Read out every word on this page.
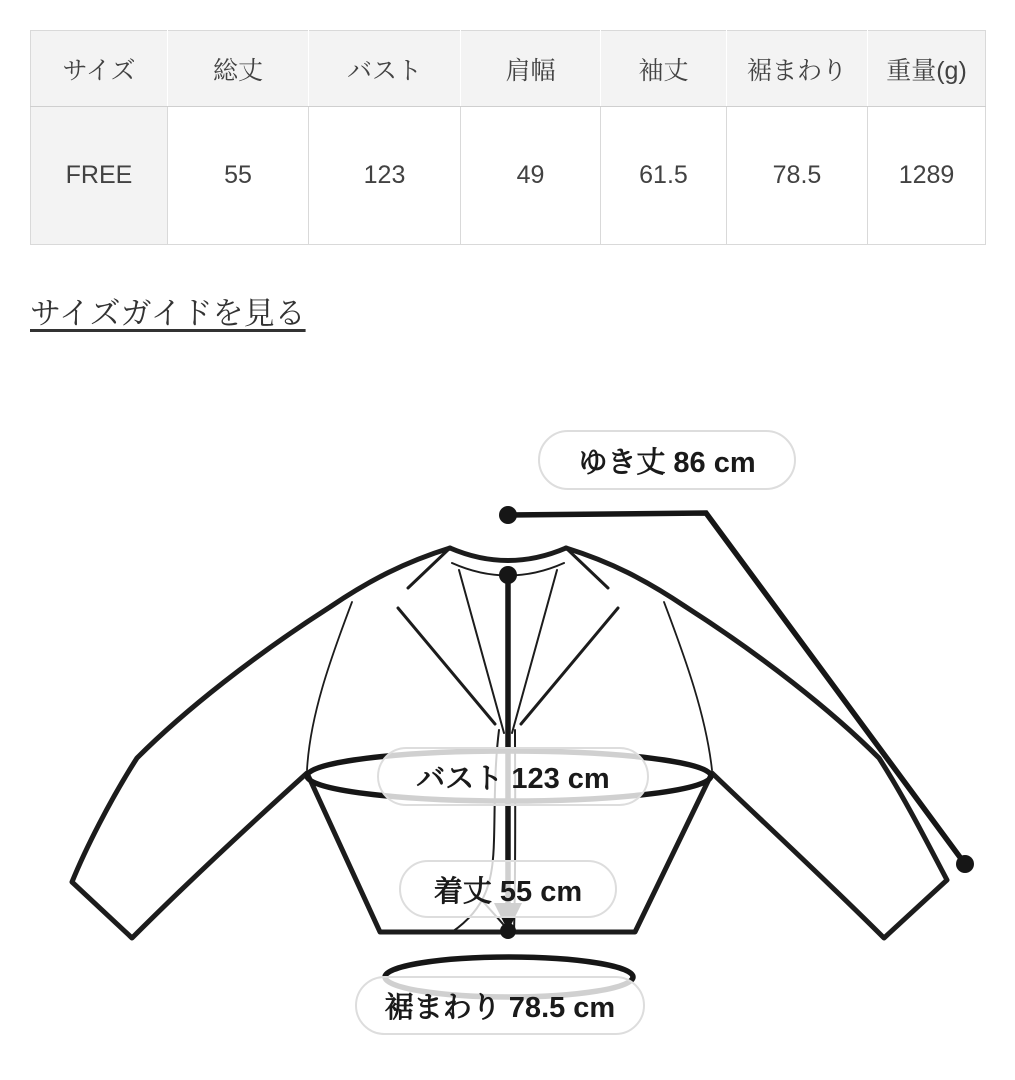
サイズ	総丈	バスト	肩幅	袖丈	裾まわり	重量(g)
FREE	55	123	49	61.5	78.5	1289
サイズガイドを見る
ゆき丈 86 cm
バスト 123 cm
着丈 55 cm
裾まわり 78.5 cm
